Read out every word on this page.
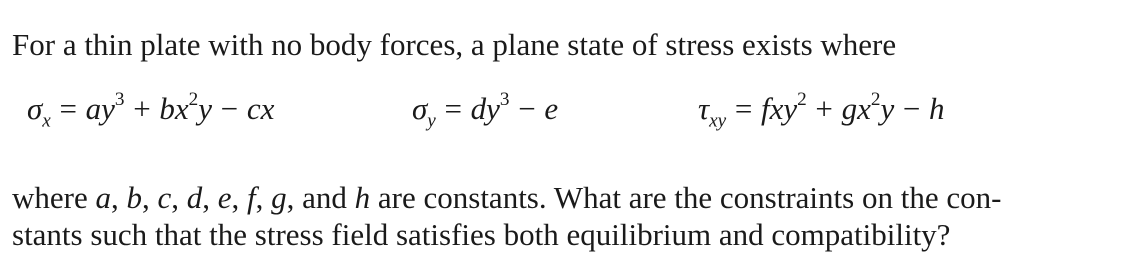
For a thin plate with no body forces, a plane state of stress exists where
$\sigma_x = ay^3 + bx^2y$ − cx	$\sigma_y = dy^3 - e$	$\tau_{xy} = fxy^2 + gx^2y - h$
where a, b, c, d, e, f, g, and h are constants. What are the constraints on the con-
stants such that the stress field satisfies both equilibrium and compatibility?
